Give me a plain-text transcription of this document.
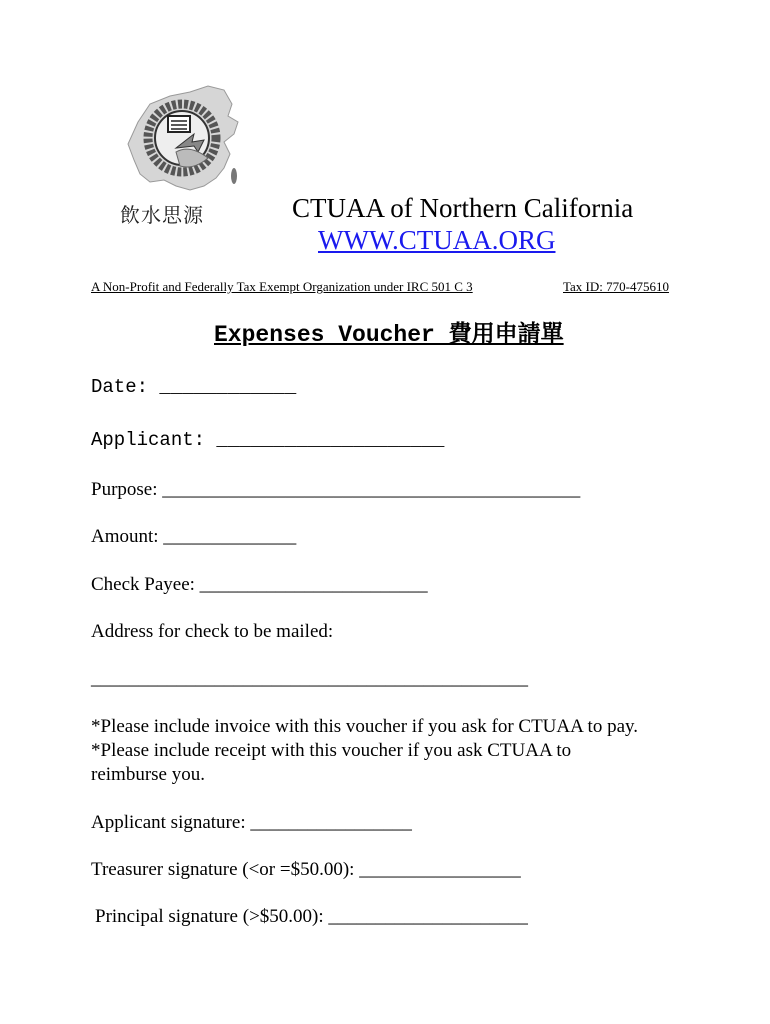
飲水思源	CTUAA of Northern California
WWW.CTUAA.ORG
A Non-Profit and Federally Tax Exempt Organization under IRC 501 C 3	Tax ID: 770-475610
Expenses Voucher 費用申請單
Date: ____________
Applicant: ____________________
Purpose: ____________________________________________
Amount: ______________
Check Payee: ________________________
Address for check to be mailed:
______________________________________________
*Please include invoice with this voucher if you ask for CTUAA to pay.
*Please include receipt with this voucher if you ask CTUAA to
reimburse you.
Applicant signature: _________________
Treasurer signature (<or =$50.00): _________________
Principal signature (>$50.00): _____________________
